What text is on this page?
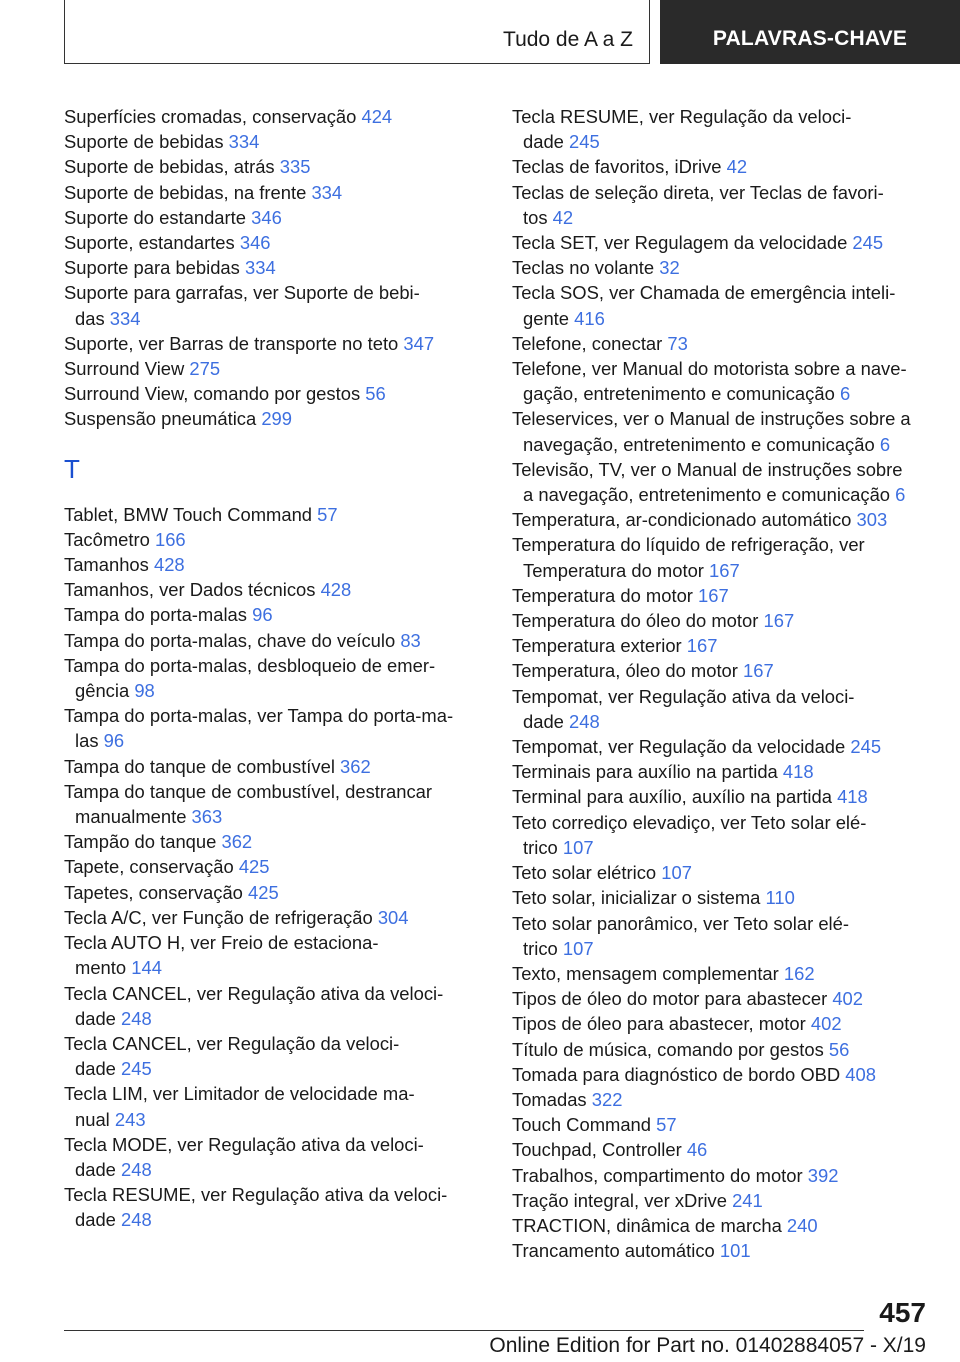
Tudo de A a Z	PALAVRAS-CHAVE
Superfícies cromadas, conservação 424
Suporte de bebidas 334
Suporte de bebidas, atrás 335
Suporte de bebidas, na frente 334
Suporte do estandarte 346
Suporte, estandartes 346
Suporte para bebidas 334
Suporte para garrafas, ver Suporte de bebi-
das 334
Suporte, ver Barras de transporte no teto 347
Surround View 275
Surround View, comando por gestos 56
Suspensão pneumática 299
T
Tablet, BMW Touch Command 57
Tacômetro 166
Tamanhos 428
Tamanhos, ver Dados técnicos 428
Tampa do porta-malas 96
Tampa do porta-malas, chave do veículo 83
Tampa do porta-malas, desbloqueio de emer-
gência 98
Tampa do porta-malas, ver Tampa do porta-ma-
las 96
Tampa do tanque de combustível 362
Tampa do tanque de combustível, destrancar
manualmente 363
Tampão do tanque 362
Tapete, conservação 425
Tapetes, conservação 425
Tecla A/C, ver Função de refrigeração 304
Tecla AUTO H, ver Freio de estaciona-
mento 144
Tecla CANCEL, ver Regulação ativa da veloci-
dade 248
Tecla CANCEL, ver Regulação da veloci-
dade 245
Tecla LIM, ver Limitador de velocidade ma-
nual 243
Tecla MODE, ver Regulação ativa da veloci-
dade 248
Tecla RESUME, ver Regulação ativa da veloci-
dade 248
Tecla RESUME, ver Regulação da veloci-
dade 245
Teclas de favoritos, iDrive 42
Teclas de seleção direta, ver Teclas de favori-
tos 42
Tecla SET, ver Regulagem da velocidade 245
Teclas no volante 32
Tecla SOS, ver Chamada de emergência inteli-
gente 416
Telefone, conectar 73
Telefone, ver Manual do motorista sobre a nave-
gação, entretenimento e comunicação 6
Teleservices, ver o Manual de instruções sobre a
navegação, entretenimento e comunicação 6
Televisão, TV, ver o Manual de instruções sobre
a navegação, entretenimento e comunicação 6
Temperatura, ar-condicionado automático 303
Temperatura do líquido de refrigeração, ver
Temperatura do motor 167
Temperatura do motor 167
Temperatura do óleo do motor 167
Temperatura exterior 167
Temperatura, óleo do motor 167
Tempomat, ver Regulação ativa da veloci-
dade 248
Tempomat, ver Regulação da velocidade 245
Terminais para auxílio na partida 418
Terminal para auxílio, auxílio na partida 418
Teto corrediço elevadiço, ver Teto solar elé-
trico 107
Teto solar elétrico 107
Teto solar, inicializar o sistema 110
Teto solar panorâmico, ver Teto solar elé-
trico 107
Texto, mensagem complementar 162
Tipos de óleo do motor para abastecer 402
Tipos de óleo para abastecer, motor 402
Título de música, comando por gestos 56
Tomada para diagnóstico de bordo OBD 408
Tomadas 322
Touch Command 57
Touchpad, Controller 46
Trabalhos, compartimento do motor 392
Tração integral, ver xDrive 241
TRACTION, dinâmica de marcha 240
Trancamento automático 101
457
Online Edition for Part no. 01402884057 - X/19
